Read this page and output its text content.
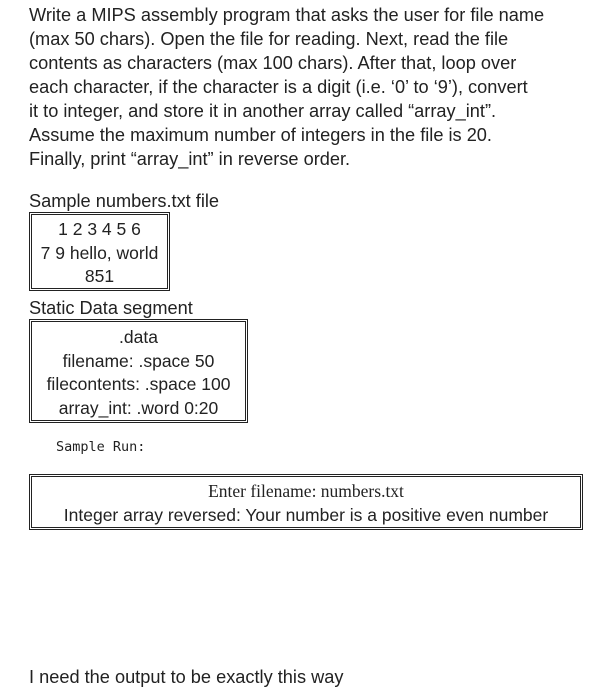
Write a MIPS assembly program that asks the user for file name
(max 50 chars). Open the file for reading. Next, read the file
contents as characters (max 100 chars). After that, loop over
each character, if the character is a digit (i.e. ‘0’ to ‘9’), convert
it to integer, and store it in another array called “array_int”.
Assume the maximum number of integers in the file is 20.
Finally, print “array_int” in reverse order.

Sample numbers.txt file

1 2 3 4 5 6
7 9 hello, world
851

Static Data segment

.data
filename: .space 50
filecontents: .space 100
array_int: .word 0:20

Sample Run:

Enter filename: numbers.txt
Integer array reversed: Your number is a positive even number

I need the output to be exactly this way
